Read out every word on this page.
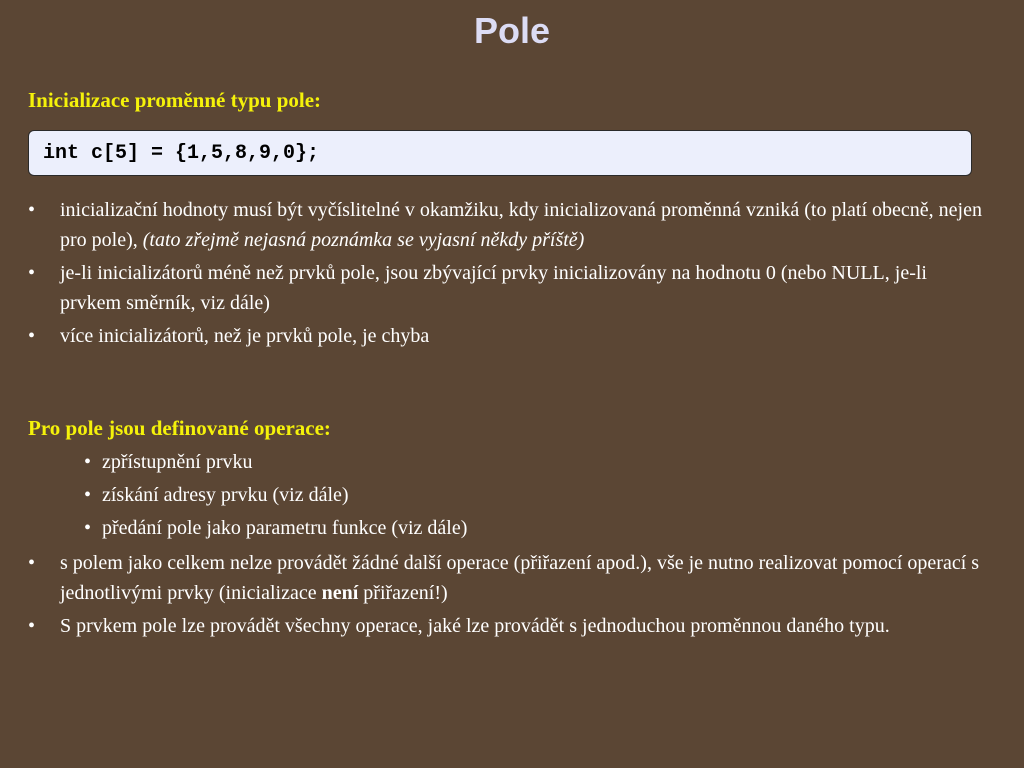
Pole
Inicializace proměnné typu pole:
int c[5] = {1,5,8,9,0};
• inicializační hodnoty musí být vyčíslitelné v okamžiku, kdy inicializovaná proměnná vzniká (to platí obecně, nejen pro pole), (tato zřejmě nejasná poznámka se vyjasní někdy příště)
• je-li inicializátorů méně než prvků pole, jsou zbývající prvky inicializovány na hodnotu 0 (nebo NULL, je-li prvkem směrník, viz dále)
• více inicializátorů, než je prvků pole, je chyba
Pro pole jsou definované operace:
• zpřístupnění prvku
• získání adresy prvku (viz dále)
• předání pole jako parametru funkce (viz dále)
• s polem jako celkem nelze provádět žádné další operace (přiřazení apod.), vše je nutno realizovat pomocí operací s jednotlivými prvky (inicializace není přiřazení!)
• S prvkem pole lze provádět všechny operace, jaké lze provádět s jednoduchou proměnnou daného typu.
